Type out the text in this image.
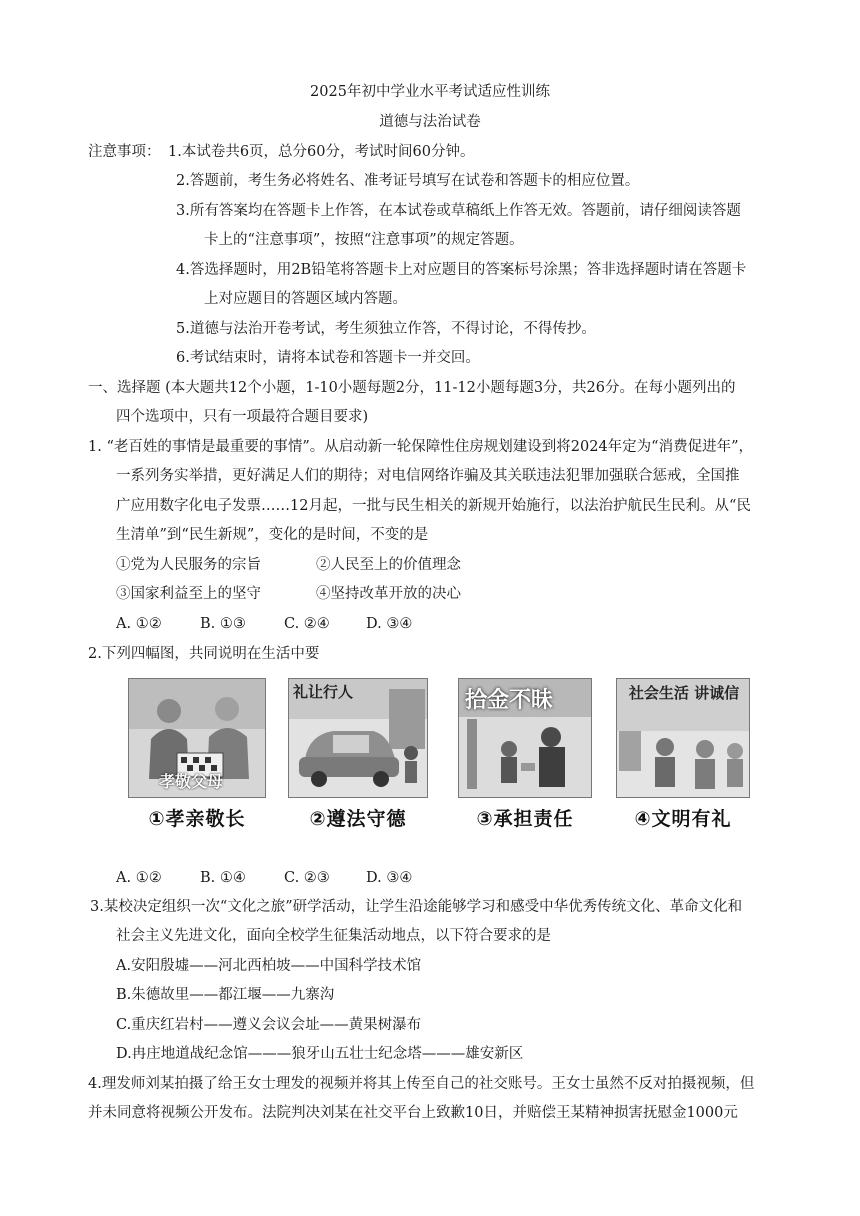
2025年初中学业水平考试适应性训练
道德与法治试卷
注意事项： 1.本试卷共6页，总分60分，考试时间60分钟。
2.答题前，考生务必将姓名、准考证号填写在试卷和答题卡的相应位置。
3.所有答案均在答题卡上作答，在本试卷或草稿纸上作答无效。答题前，请仔细阅读答题
卡上的“注意事项”，按照“注意事项”的规定答题。
4.答选择题时，用2B铅笔将答题卡上对应题目的答案标号涂黑；答非选择题时请在答题卡
上对应题目的答题区域内答题。
5.道德与法治开卷考试，考生须独立作答，不得讨论，不得传抄。
6.考试结束时，请将本试卷和答题卡一并交回。
一、选择题 (本大题共12个小题，1-10小题每题2分，11-12小题每题3分，共26分。在每小题列出的
四个选项中，只有一项最符合题目要求)
1. “老百姓的事情是最重要的事情”。从启动新一轮保障性住房规划建设到将2024年定为“消费促进年”，
一系列务实举措，更好满足人们的期待；对电信网络诈骗及其关联违法犯罪加强联合惩戒，全国推
广应用数字化电子发票……12月起，一批与民生相关的新规开始施行，以法治护航民生民利。从“民
生清单”到“民生新规”，变化的是时间，不变的是
①党为人民服务的宗旨	②人民至上的价值理念
③国家利益至上的坚守	④坚持改革开放的决心
A. ①②	B. ①③	C. ②④ D. ③④
2.下列四幅图，共同说明在生活中要
孝敬父母
①孝亲敬长
礼让行人
②遵法守德
拾金不昧
③承担责任
社会生活 讲诚信
④文明有礼
A. ①②	B. ①④	C. ②③ D. ③④
3.某校决定组织一次“文化之旅”研学活动，让学生沿途能够学习和感受中华优秀传统文化、革命文化和
社会主义先进文化，面向全校学生征集活动地点，以下符合要求的是
A.安阳殷墟——河北西柏坡——中国科学技术馆
B.朱德故里——都江堰——九寨沟
C.重庆红岩村——遵义会议会址——黄果树瀑布
D.冉庄地道战纪念馆———狼牙山五壮士纪念塔———雄安新区
4.理发师刘某拍摄了给王女士理发的视频并将其上传至自己的社交账号。王女士虽然不反对拍摄视频，但
并未同意将视频公开发布。法院判决刘某在社交平台上致歉10日，并赔偿王某精神损害抚慰金1000元
